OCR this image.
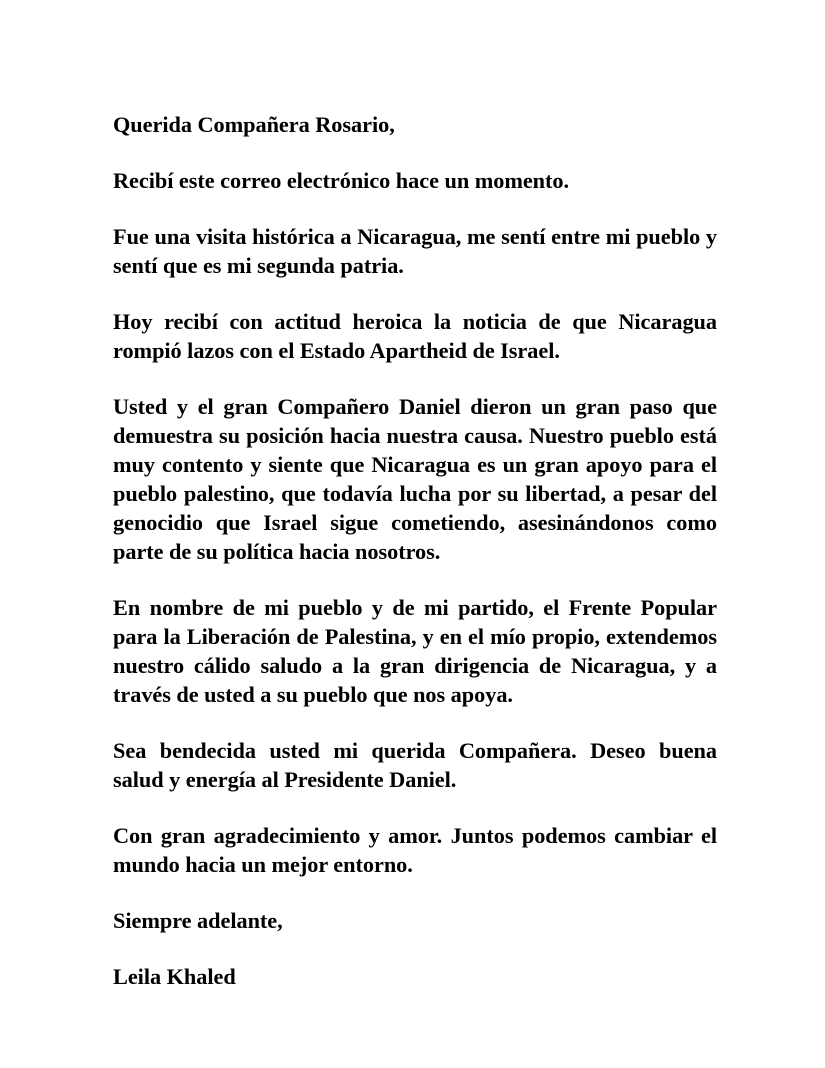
Querida Compañera Rosario,

Recibí este correo electrónico hace un momento.

Fue una visita histórica a Nicaragua, me sentí entre mi pueblo y sentí que es mi segunda patria.

Hoy recibí con actitud heroica la noticia de que Nicaragua rompió lazos con el Estado Apartheid de Israel.

Usted y el gran Compañero Daniel dieron un gran paso que demuestra su posición hacia nuestra causa. Nuestro pueblo está muy contento y siente que Nicaragua es un gran apoyo para el pueblo palestino, que todavía lucha por su libertad, a pesar del genocidio que Israel sigue cometiendo, asesinándonos como parte de su política hacia nosotros.

En nombre de mi pueblo y de mi partido, el Frente Popular para la Liberación de Palestina, y en el mío propio, extendemos nuestro cálido saludo a la gran dirigencia de Nicaragua, y a través de usted a su pueblo que nos apoya.

Sea bendecida usted mi querida Compañera. Deseo buena salud y energía al Presidente Daniel.

Con gran agradecimiento y amor. Juntos podemos cambiar el mundo hacia un mejor entorno.

Siempre adelante,

Leila Khaled
